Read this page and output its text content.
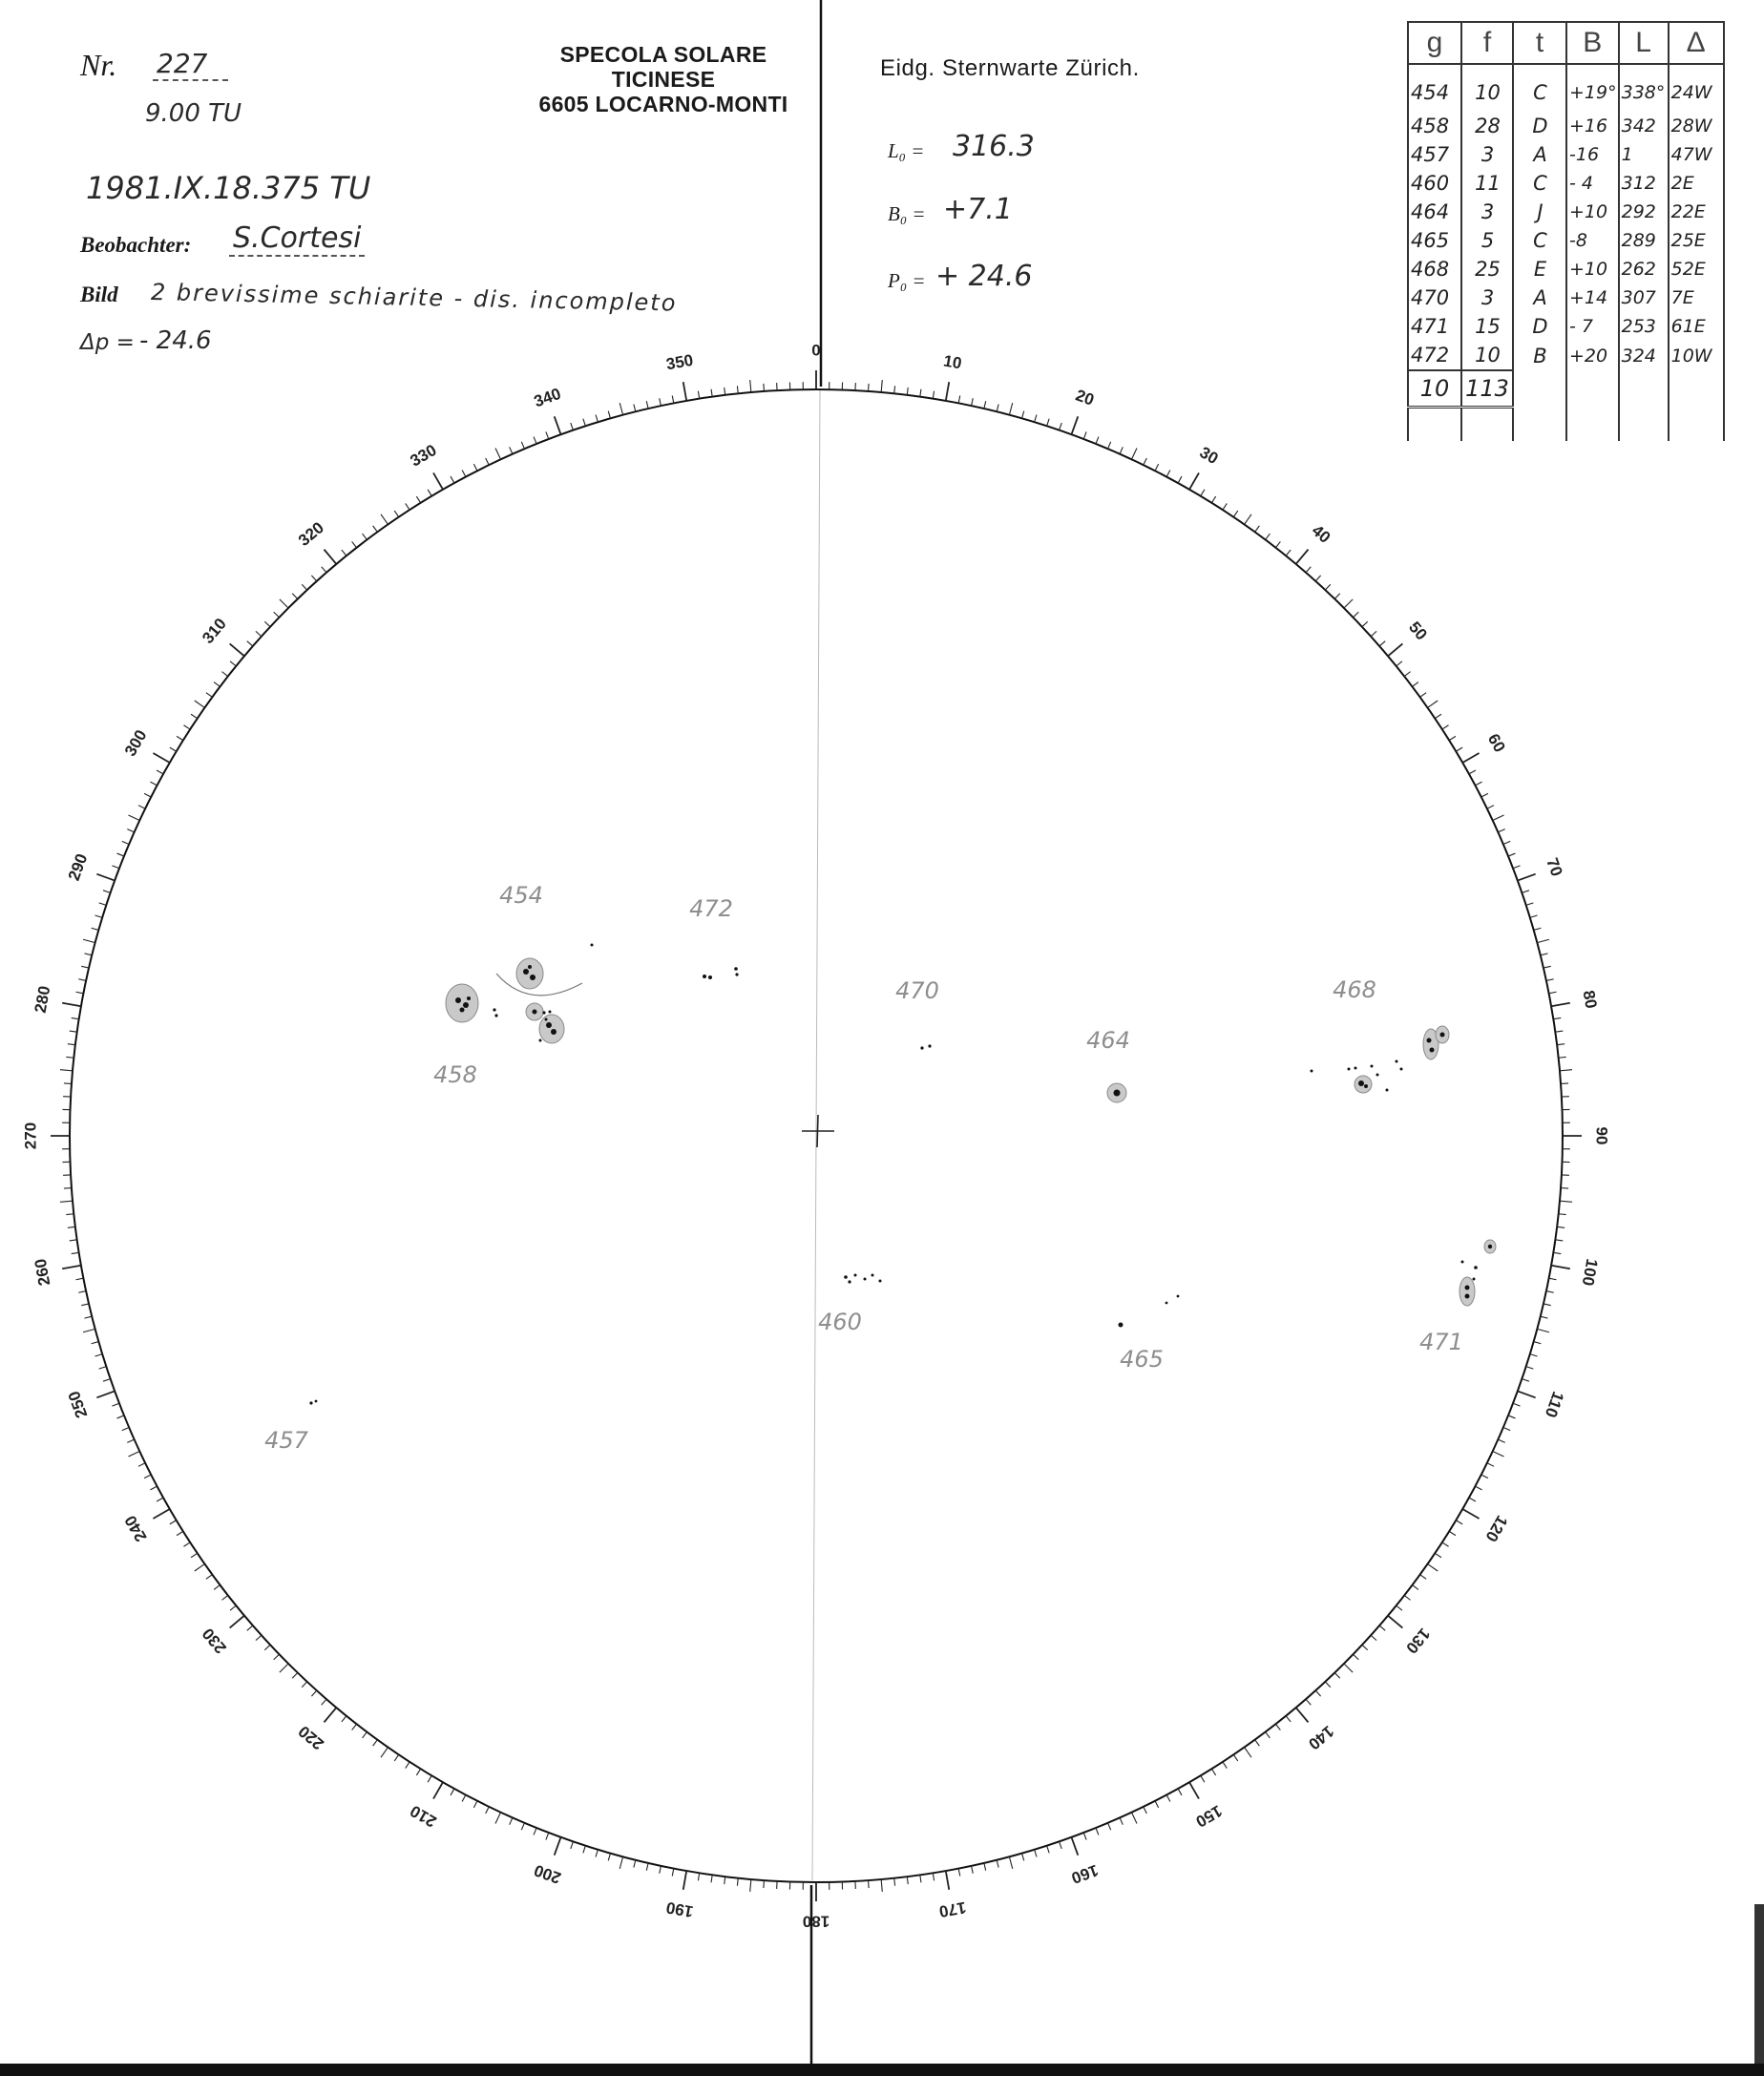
Nr. 227
9.00 TU
1981.IX.18.375 TU
Beobachter: S.Cortesi
Bild 2 brevissime schiarite - dis. incompleto
Δp = - 24.6
SPECOLA SOLARE
TICINESE
6605 LOCARNO-MONTI
Eidg. Sternwarte Zürich.
L₀ = 316.3
B₀ = +7.1
P₀ = + 24.6
g	f	t	B	L	Δ
454	10	C	+19°	338°	24W
458	28	D	+16	342	28W
457	3	A	-16	1	47W
460	11	C	- 4	312	2E
464	3	J	+10	292	22E
465	5	C	-8	289	25E
468	25	E	+10	262	52E
470	3	A	+14	307	7E
471	15	D	- 7	253	61E
472	10	B	+20	324	10W
10	113				

0
10
20
30
40
50
60
70
80
90
100
110
120
130
140
150
160
170
180
190
200
210
220
230
240
250
260
270
280
290
300
310
320
330
340
350
454
458
472
470
464
468
460
465
471
457
